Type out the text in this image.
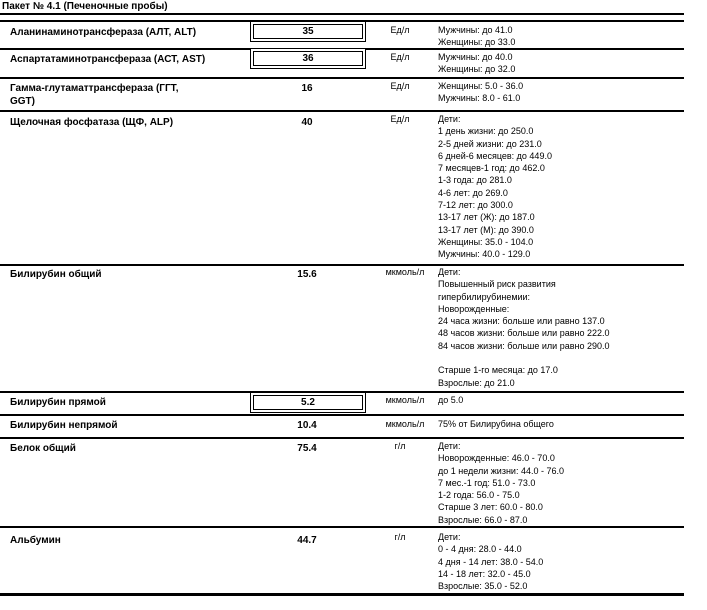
Пакет № 4.1 (Печеночные пробы)
Аланинаминотрансфераза (АЛТ, ALT)	35	Ед/л	Мужчины: до 41.0
Женщины: до 33.0
Аспартатаминотрансфераза (АСТ, AST)	36	Ед/л	Мужчины: до 40.0
Женщины: до 32.0
Гамма-глутаматтрансфераза (ГГТ,
GGT)
16	Ед/л	Женщины: 5.0 - 36.0
Мужчины: 8.0 - 61.0
Щелочная фосфатаза (ЩФ, ALP)	40	Ед/л	Дети:
1 день жизни: до 250.0
2-5 дней жизни: до 231.0
6 дней-6 месяцев: до 449.0
7 месяцев-1 год: до 462.0
1-3 года: до 281.0
4-6 лет: до 269.0
7-12 лет: до 300.0
13-17 лет (Ж): до 187.0
13-17 лет (М): до 390.0
Женщины: 35.0 - 104.0
Мужчины: 40.0 - 129.0
Билирубин общий	15.6	мкмоль/л	Дети:
Повышенный риск развития
гипербилирубинемии:
Новорожденные:
24 часа жизни: больше или равно 137.0
48 часов жизни: больше или равно 222.0
84 часов жизни: больше или равно 290.0
Старше 1-го месяца: до 17.0
Взрослые: до 21.0
Билирубин прямой	5.2	мкмоль/л	до 5.0
Билирубин непрямой	10.4	мкмоль/л	75% от Билирубина общего
Белок общий	75.4	г/л	Дети:
Новорожденные: 46.0 - 70.0
до 1 недели жизни: 44.0 - 76.0
7 мес.-1 год: 51.0 - 73.0
1-2 года: 56.0 - 75.0
Старше 3 лет: 60.0 - 80.0
Взрослые: 66.0 - 87.0
Альбумин	44.7	г/л	Дети:
0 - 4 дня: 28.0 - 44.0
4 дня - 14 лет: 38.0 - 54.0
14 - 18 лет: 32.0 - 45.0
Взрослые: 35.0 - 52.0
